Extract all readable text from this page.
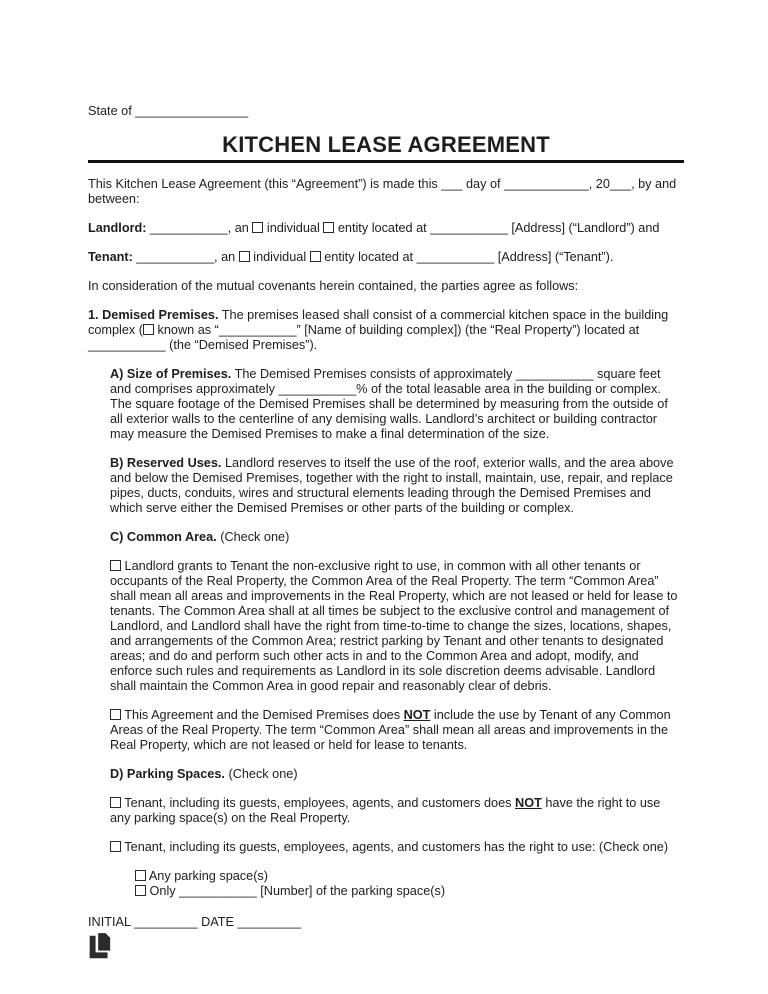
State of ________________
KITCHEN LEASE AGREEMENT

This Kitchen Lease Agreement (this “Agreement”) is made this ___ day of ____________, 20___, by and between:

Landlord: ___________, an individual entity located at ___________ [Address] (“Landlord”) and

Tenant: ___________, an individual entity located at ___________ [Address] (“Tenant”).

In consideration of the mutual covenants herein contained, the parties agree as follows:

1. Demised Premises. The premises leased shall consist of a commercial kitchen space in the building complex ( known as “___________” [Name of building complex]) (the “Real Property”) located at ___________ (the “Demised Premises”).

A) Size of Premises. The Demised Premises consists of approximately ___________ square feet and comprises approximately ___________% of the total leasable area in the building or complex. The square footage of the Demised Premises shall be determined by measuring from the outside of all exterior walls to the centerline of any demising walls. Landlord’s architect or building contractor may measure the Demised Premises to make a final determination of the size.

B) Reserved Uses. Landlord reserves to itself the use of the roof, exterior walls, and the area above and below the Demised Premises, together with the right to install, maintain, use, repair, and replace pipes, ducts, conduits, wires and structural elements leading through the Demised Premises and which serve either the Demised Premises or other parts of the building or complex.

C) Common Area. (Check one)

Landlord grants to Tenant the non-exclusive right to use, in common with all other tenants or occupants of the Real Property, the Common Area of the Real Property. The term “Common Area” shall mean all areas and improvements in the Real Property, which are not leased or held for lease to tenants. The Common Area shall at all times be subject to the exclusive control and management of Landlord, and Landlord shall have the right from time-to-time to change the sizes, locations, shapes, and arrangements of the Common Area; restrict parking by Tenant and other tenants to designated areas; and do and perform such other acts in and to the Common Area and adopt, modify, and enforce such rules and requirements as Landlord in its sole discretion deems advisable. Landlord shall maintain the Common Area in good repair and reasonably clear of debris.

This Agreement and the Demised Premises does NOT include the use by Tenant of any Common Areas of the Real Property. The term “Common Area” shall mean all areas and improvements in the Real Property, which are not leased or held for lease to tenants.

D) Parking Spaces. (Check one)

Tenant, including its guests, employees, agents, and customers does NOT have the right to use any parking space(s) on the Real Property.

Tenant, including its guests, employees, agents, and customers has the right to use: (Check one)

Any parking space(s)
Only ___________ [Number] of the parking space(s)
INITIAL _________ DATE _________
